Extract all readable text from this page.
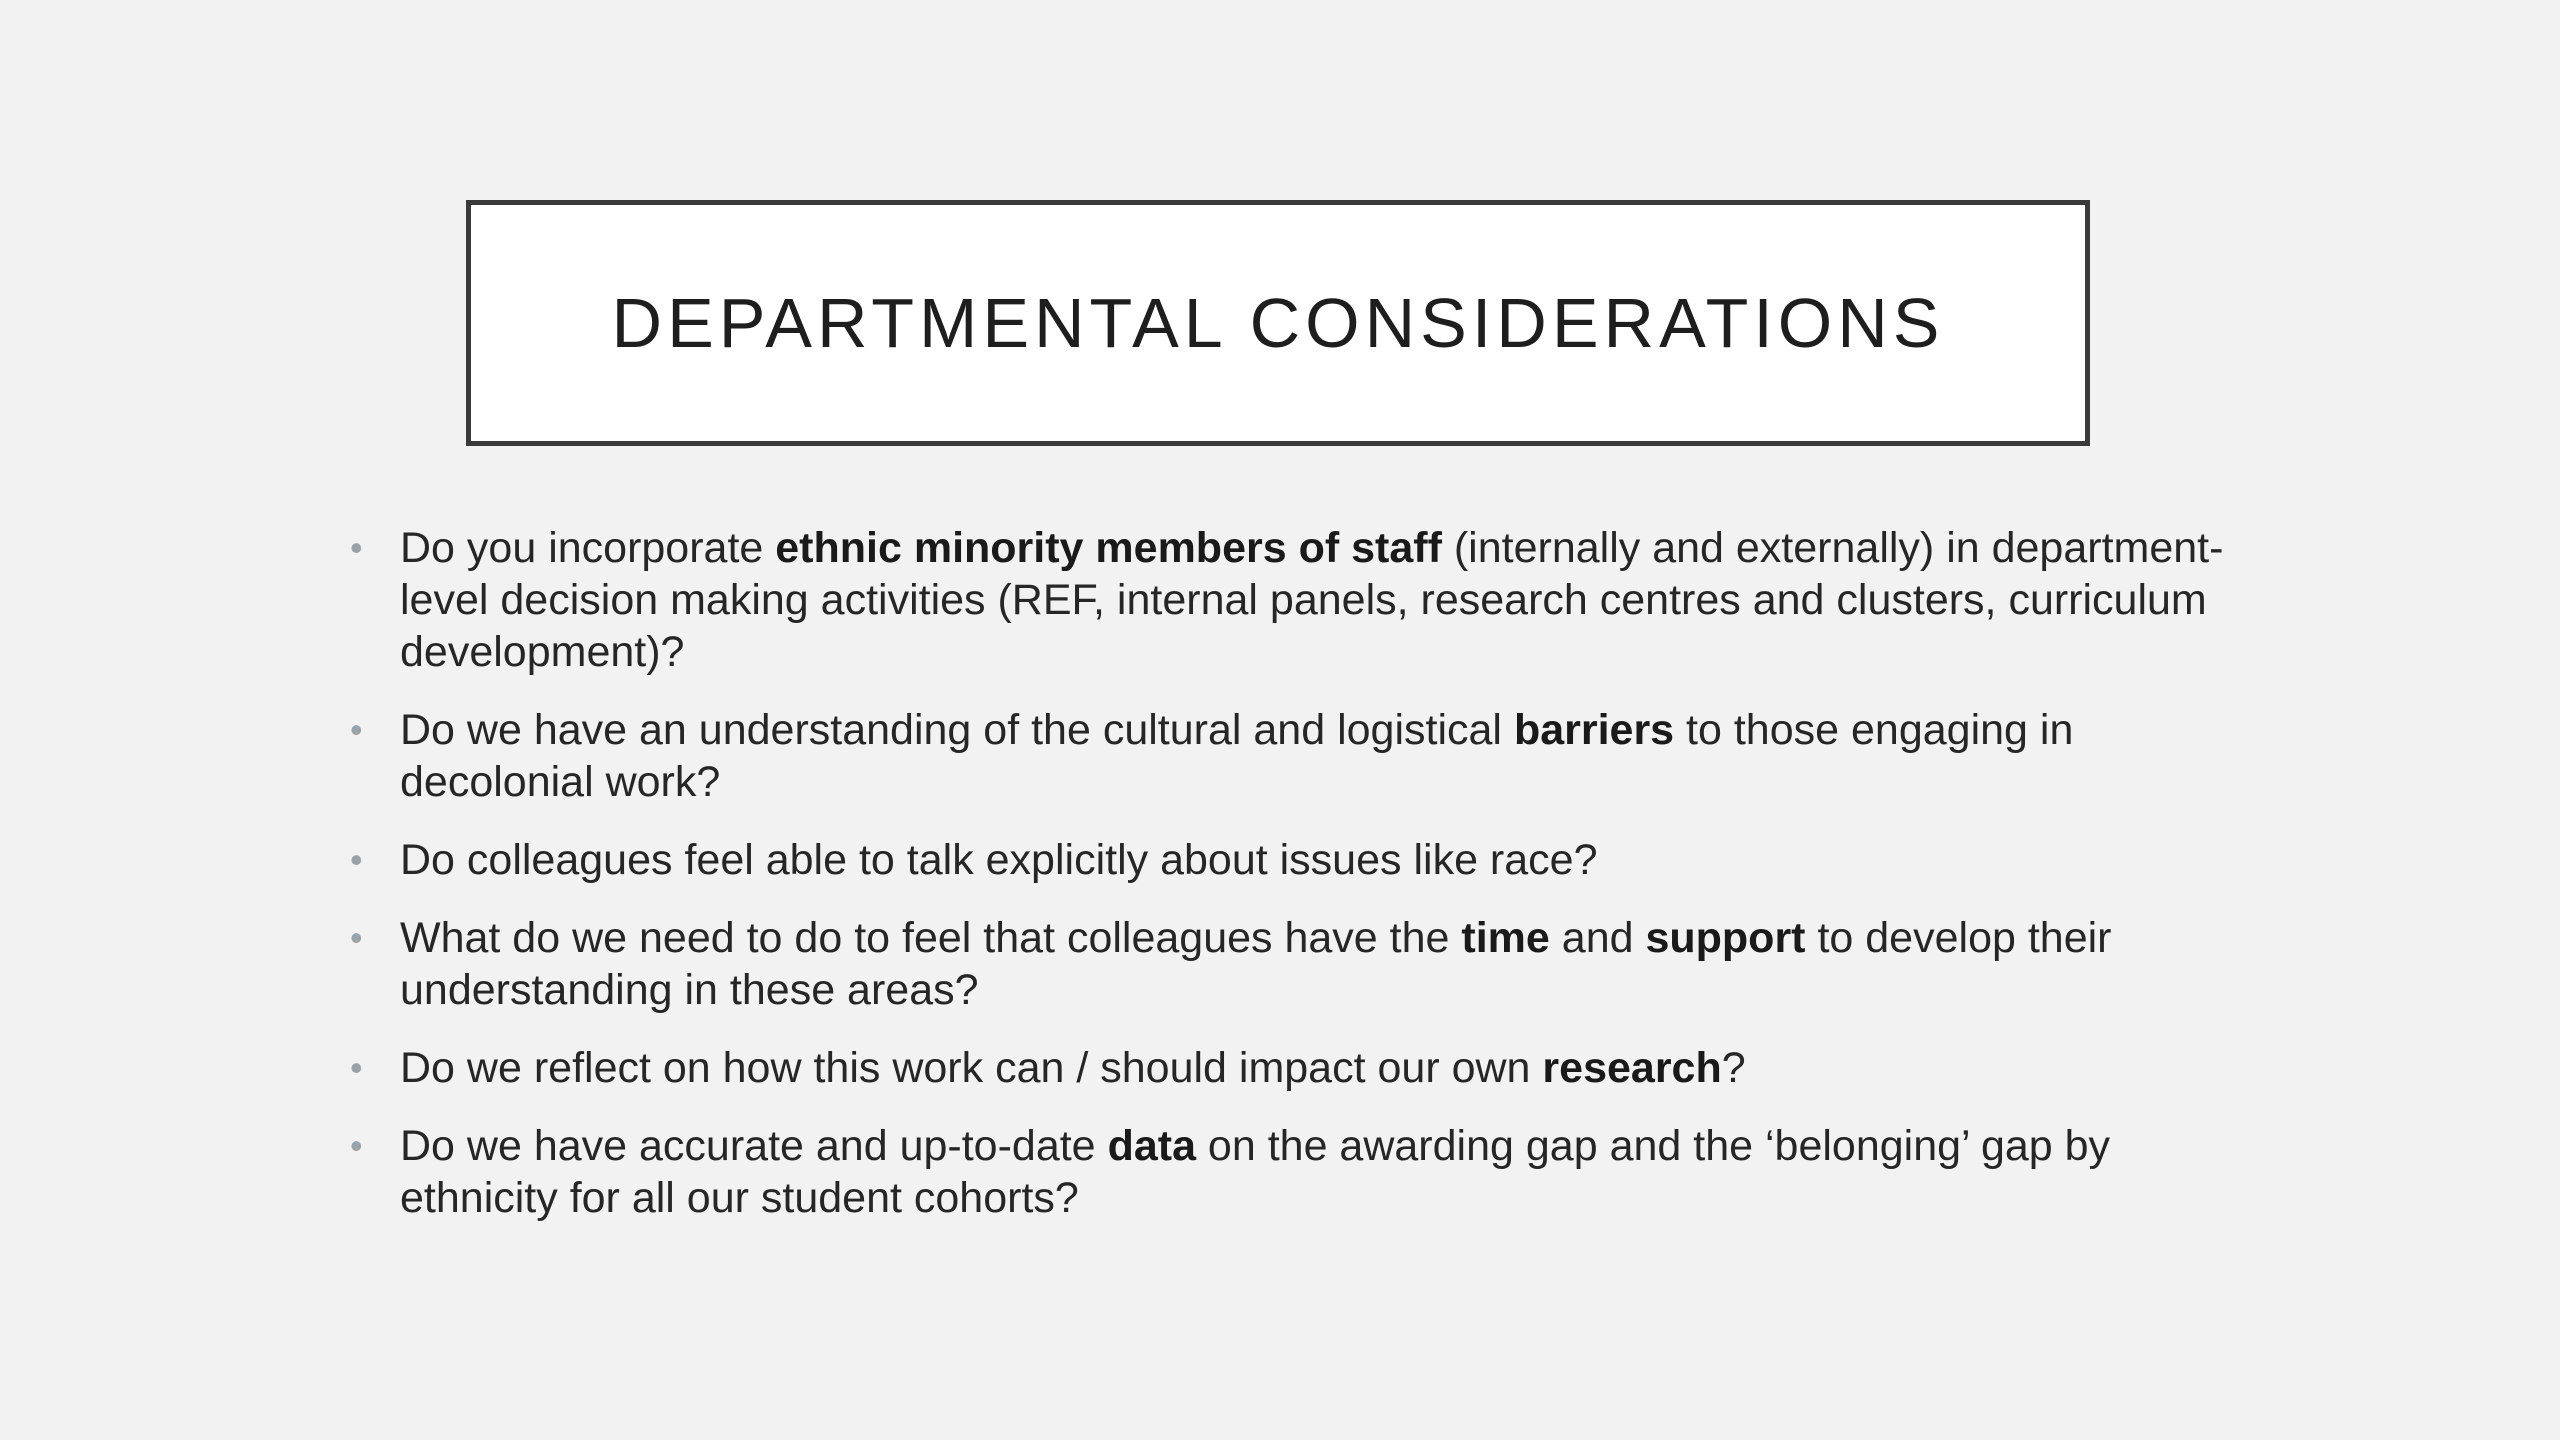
DEPARTMENTAL CONSIDERATIONS
• Do you incorporate ethnic minority members of staff (internally and externally) in department-level decision making activities (REF, internal panels, research centres and clusters, curriculum development)?
• Do we have an understanding of the cultural and logistical barriers to those engaging in decolonial work?
• Do colleagues feel able to talk explicitly about issues like race?
• What do we need to do to feel that colleagues have the time and support to develop their understanding in these areas?
• Do we reflect on how this work can / should impact our own research?
• Do we have accurate and up-to-date data on the awarding gap and the ‘belonging’ gap by ethnicity for all our student cohorts?
